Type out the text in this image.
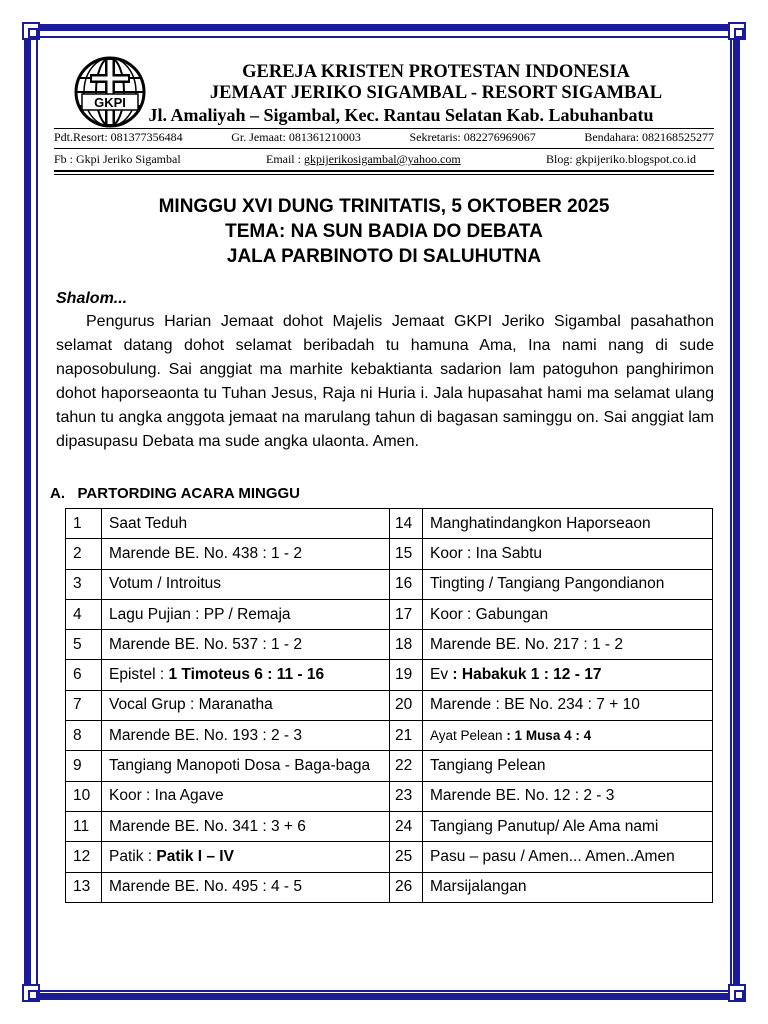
GKPI
GEREJA KRISTEN PROTESTAN INDONESIA
JEMAAT JERIKO SIGAMBAL - RESORT SIGAMBAL
Jl. Amaliyah – Sigambal, Kec. Rantau Selatan Kab. Labuhanbatu
Pdt.Resort: 081377356484	Gr. Jemaat: 081361210003	Sekretaris: 082276969067	Bendahara: 082168525277
Fb : Gkpi Jeriko Sigambal	Email : gkpijerikosigambal@yahoo.com	Blog: gkpijeriko.blogspot.co.id
MINGGU XVI DUNG TRINITATIS, 5 OKTOBER 2025
TEMA: NA SUN BADIA DO DEBATA
JALA PARBINOTO DI SALUHUTNA
Shalom...
Pengurus Harian Jemaat dohot Majelis Jemaat GKPI Jeriko Sigambal pasahathon selamat datang dohot selamat beribadah tu hamuna Ama, Ina nami nang di sude naposobulung. Sai anggiat ma marhite kebaktianta sadarion lam patoguhon panghirimon dohot haporseaonta tu Tuhan Jesus, Raja ni Huria i. Jala hupasahat hami ma selamat ulang tahun tu angka anggota jemaat na marulang tahun di bagasan saminggu on. Sai anggiat lam dipasupasu Debata ma sude angka ulaonta. Amen.
A. PARTORDING ACARA MINGGU
1	Saat Teduh	14	Manghatindangkon Haporseaon
2	Marende BE. No. 438 : 1 - 2	15	Koor : Ina Sabtu
3	Votum / Introitus	16	Tingting / Tangiang Pangondianon
4	Lagu Pujian : PP / Remaja	17	Koor : Gabungan
5	Marende BE. No. 537 : 1 - 2	18	Marende BE. No. 217 : 1 - 2
6	Epistel : 1 Timoteus 6 : 11 - 16	19	Ev : Habakuk 1 : 12 - 17
7	Vocal Grup : Maranatha	20	Marende : BE No. 234 : 7 + 10
8	Marende BE. No. 193 : 2 - 3	21	Ayat Pelean : 1 Musa 4 : 4
9	Tangiang Manopoti Dosa - Baga-baga	22	Tangiang Pelean
10	Koor : Ina Agave	23	Marende BE. No. 12 : 2 - 3
11	Marende BE. No. 341 : 3 + 6	24	Tangiang Panutup/ Ale Ama nami
12	Patik : Patik I – IV	25	Pasu – pasu / Amen... Amen..Amen
13	Marende BE. No. 495 : 4 - 5	26	Marsijalangan
